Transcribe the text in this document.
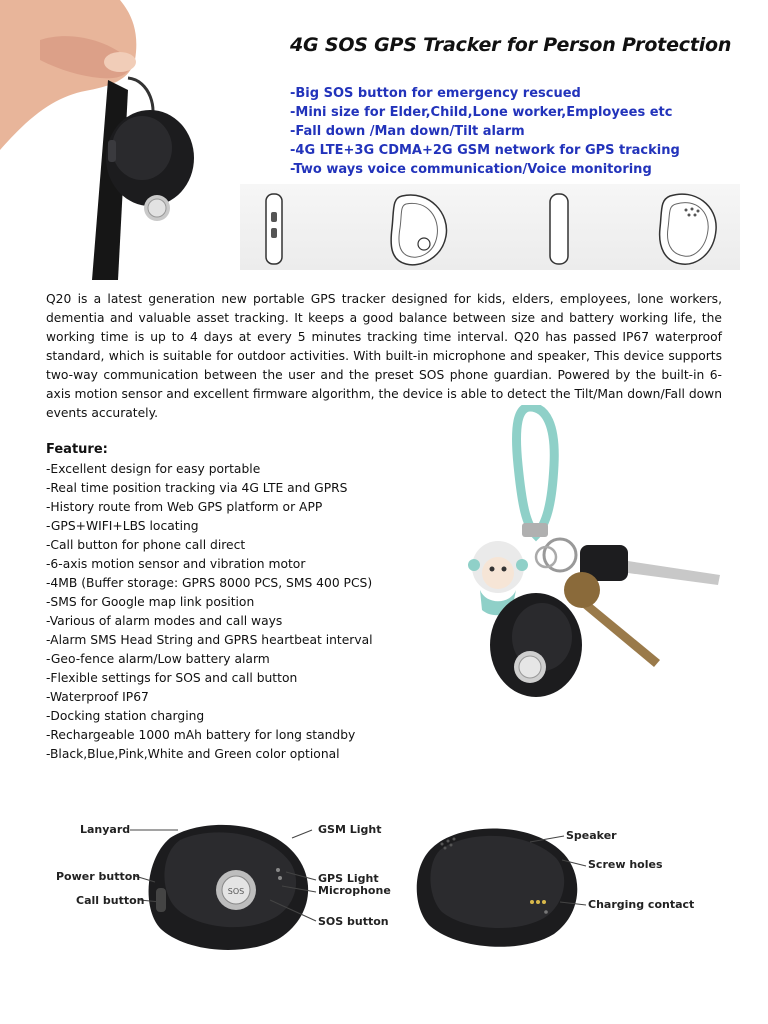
4G SOS GPS Tracker for Person Protection
-Big SOS button for emergency rescued
-Mini size for Elder,Child,Lone worker,Employees etc
-Fall down /Man down/Tilt alarm
-4G LTE+3G CDMA+2G GSM network for GPS tracking
-Two ways voice communication/Voice monitoring

Q20 is a latest generation new portable GPS tracker designed for kids, elders, employees, lone workers, dementia and valuable asset tracking. It keeps a good balance between size and battery working life, the working time is up to 4 days at every 5 minutes tracking time interval. Q20 has passed IP67 waterproof standard, which is suitable for outdoor activities. With built-in microphone and speaker, This device supports two-way communication between the user and the preset SOS phone guardian. Powered by the built-in 6-axis motion sensor and excellent firmware algorithm, the device is able to detect the Tilt/Man down/Fall down events accurately.

Feature:
-Excellent design for easy portable
-Real time position tracking via 4G LTE and GPRS
-History route from Web GPS platform or APP
-GPS+WIFI+LBS locating
-Call button for phone call direct
-6-axis motion sensor and vibration motor
-4MB (Buffer storage: GPRS 8000 PCS, SMS 400 PCS)
-SMS for Google map link position
-Various of alarm modes and call ways
-Alarm SMS Head String and GPRS heartbeat interval
-Geo-fence alarm/Low battery alarm
-Flexible settings for SOS and call button
-Waterproof IP67
-Docking station charging
-Rechargeable 1000 mAh battery for long standby
-Black,Blue,Pink,White and Green color optional
SOS
Lanyard
Power button
Call button
GSM Light
GPS Light
Microphone
SOS button
Speaker
Screw holes
Charging contact
